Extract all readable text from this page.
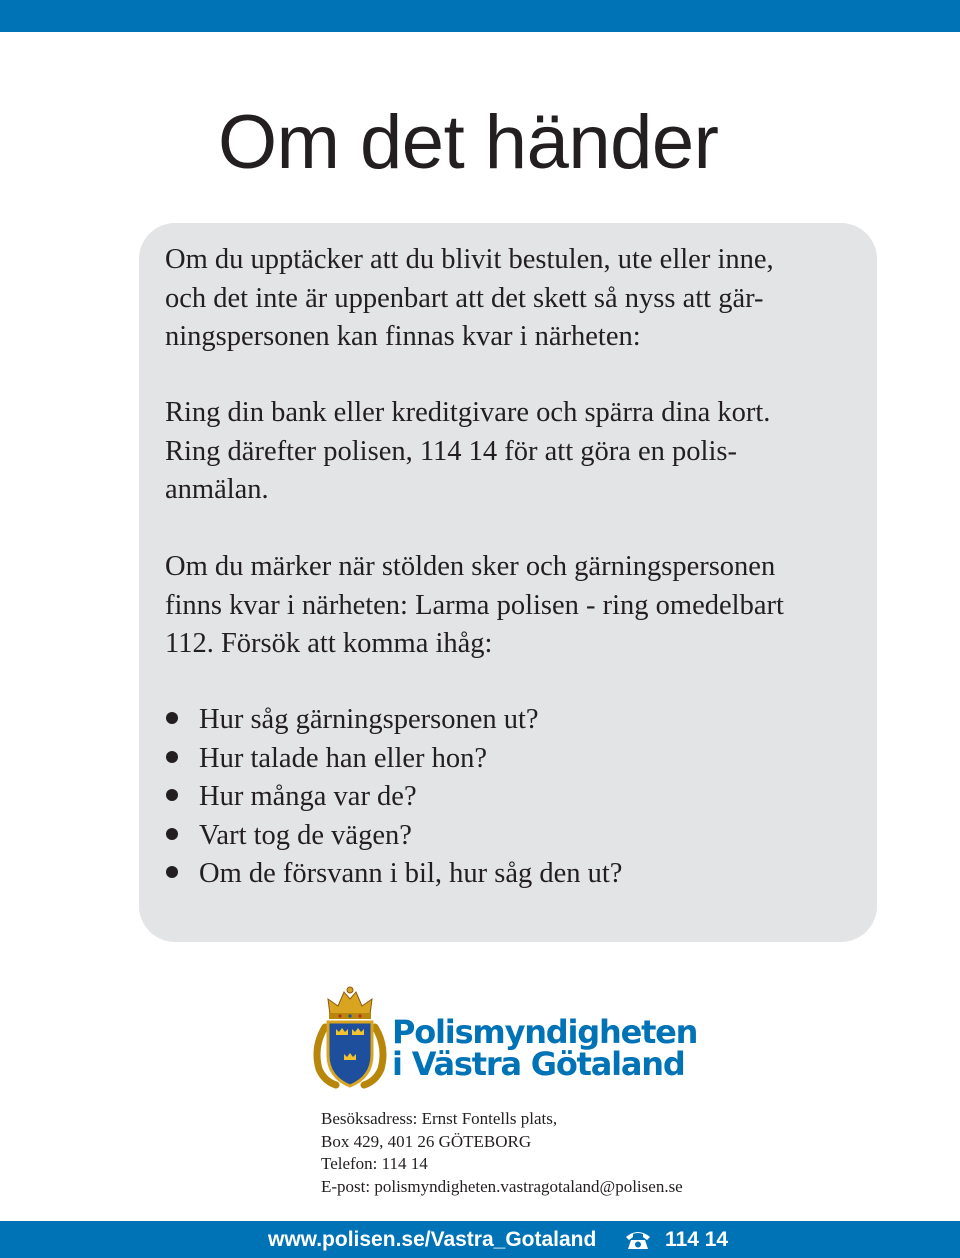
Om det händer

Om du upptäcker att du blivit bestulen, ute eller inne,
och det inte är uppenbart att det skett så nyss att gär-
ningspersonen kan finnas kvar i närheten:

Ring din bank eller kreditgivare och spärra dina kort.
Ring därefter polisen, 114 14 för att göra en polis-
anmälan.

Om du märker när stölden sker och gärningspersonen
finns kvar i närheten: Larma polisen - ring omedelbart
112. Försök att komma ihåg:

Hur såg gärningspersonen ut?
Hur talade han eller hon?
Hur många var de?
Vart tog de vägen?
Om de försvann i bil, hur såg den ut?
Polismyndigheten
i Västra Götaland
Besöksadress: Ernst Fontells plats,
Box 429, 401 26 GÖTEBORG
Telefon: 114 14
E-post: polismyndigheten.vastragotaland@polisen.se
www.polisen.se/Vastra_Gotaland	114 14
